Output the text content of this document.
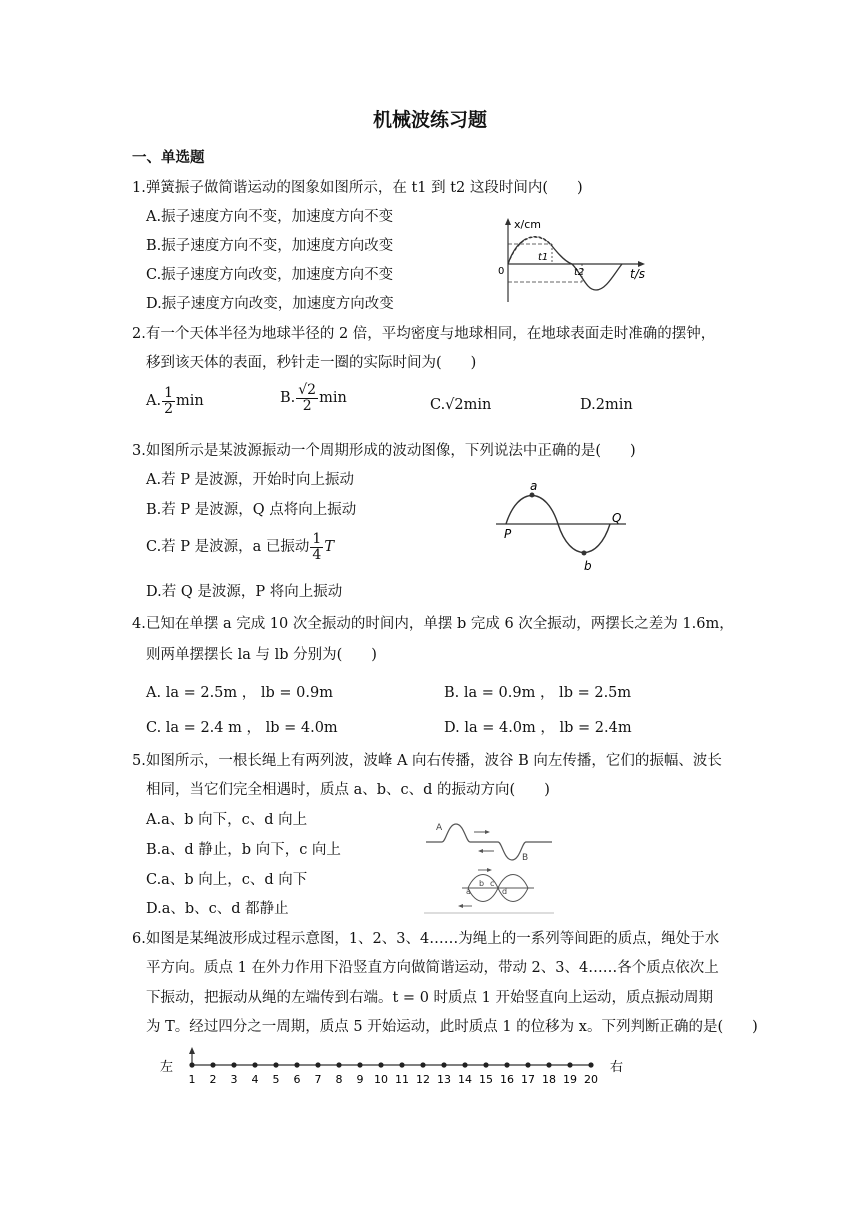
机械波练习题
一、单选题
1.弹簧振子做简谐运动的图象如图所示，在 t1 到 t2 这段时间内(　　)
A.振子速度方向不变，加速度方向不变
B.振子速度方向不变，加速度方向改变
C.振子速度方向改变，加速度方向不变
D.振子速度方向改变，加速度方向改变
x/cm
t/s
0
t1
t2
2.有一个天体半径为地球半径的 2 倍，平均密度与地球相同，在地球表面走时准确的摆钟，
移到该天体的表面，秒针走一圈的实际时间为(　　)
A. $\frac{1}{2}$ min	B. $\frac{√2}{2}$ min	C.√2min	D.2min
3.如图所示是某波源振动一个周期形成的波动图像，下列说法中正确的是(　　)
A.若 P 是波源，开始时向上振动
B.若 P 是波源，Q 点将向上振动
C.若 P 是波源，a 已振动 $\frac{1}{4}$ T
D.若 Q 是波源，P 将向上振动
P
Q
a
b
4.已知在单摆 a 完成 10 次全振动的时间内，单摆 b 完成 6 次全振动，两摆长之差为 1.6m，
则两单摆摆长 la 与 lb 分别为(　　)
A. la = 2.5m ， lb = 0.9m	B. la = 0.9m ， lb = 2.5m
C. la = 2.4 m ， lb = 4.0m	D. la = 4.0m ， lb = 2.4m
5.如图所示，一根长绳上有两列波，波峰 A 向右传播，波谷 B 向左传播，它们的振幅、波长
相同，当它们完全相遇时，质点 a、b、c、d 的振动方向(　　)
A.a、b 向下，c、d 向上
B.a、d 静止，b 向下，c 向上
C.a、b 向上，c、d 向下
D.a、b、c、d 都静止
A
B
a
b c
d
6.如图是某绳波形成过程示意图，1、2、3、4……为绳上的一系列等间距的质点，绳处于水
平方向。质点 1 在外力作用下沿竖直方向做简谐运动，带动 2、3、4……各个质点依次上
下振动，把振动从绳的左端传到右端。t = 0 时质点 1 开始竖直向上运动，质点振动周期
为 T。经过四分之一周期，质点 5 开始运动，此时质点 1 的位移为 x。下列判断正确的是(　　)
左	右
1 2 3 4 5 6 7 8 9 10 11 12 13 14 15 16 17 18 19 20
